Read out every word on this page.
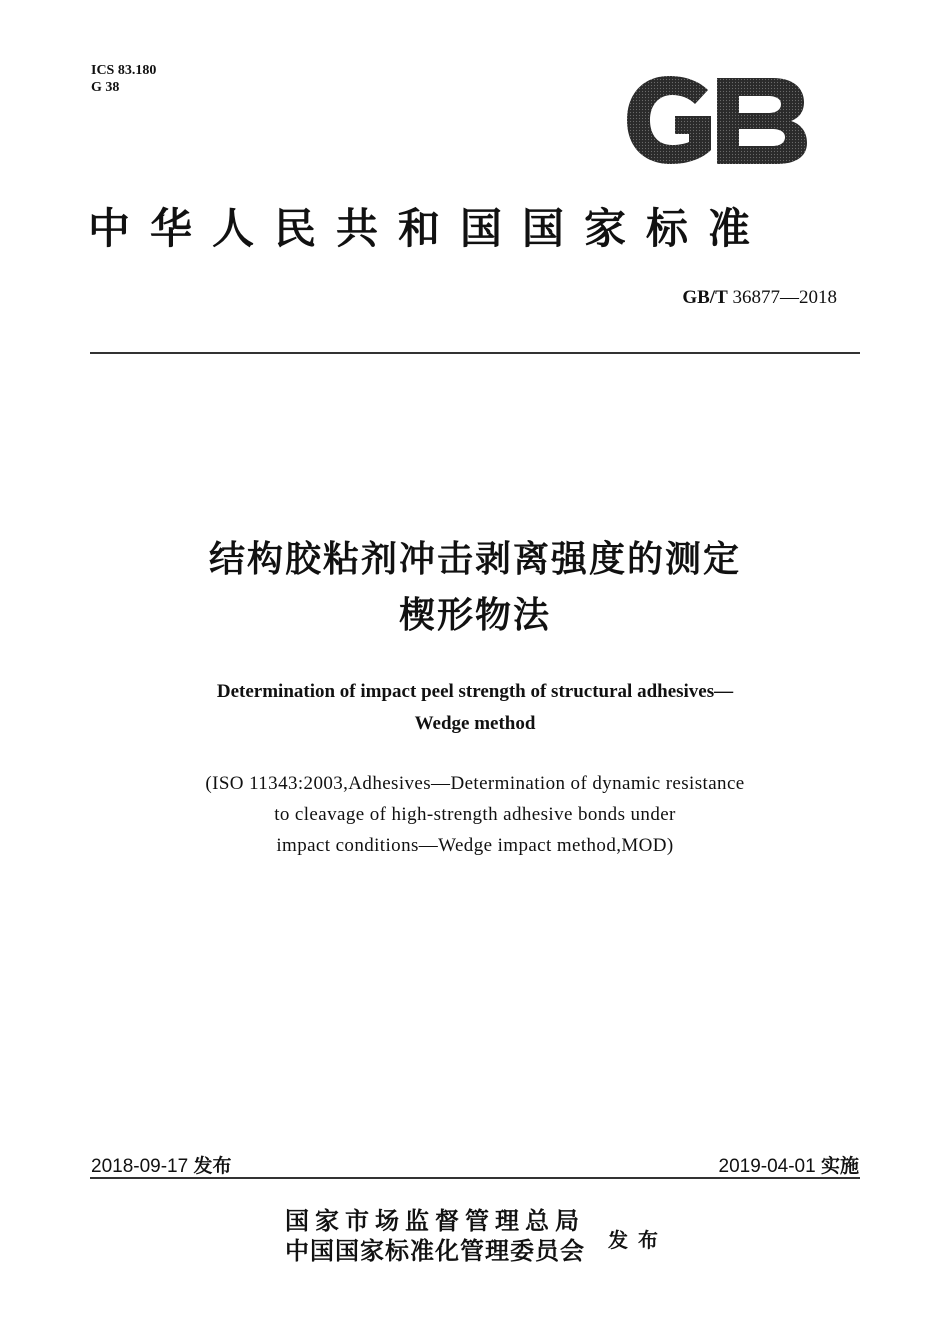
ICS 83.180
G 38
中华人民共和国国家标准
GB/T 36877—2018
结构胶粘剂冲击剥离强度的测定
楔形物法
Determination of impact peel strength of structural adhesives—
Wedge method
(ISO 11343:2003,Adhesives—Determination of dynamic resistance
to cleavage of high-strength adhesive bonds under
impact conditions—Wedge impact method,MOD)
2018-09-17 发布	2019-04-01 实施
国家市场监督管理总局
中国国家标准化管理委员会 发布
